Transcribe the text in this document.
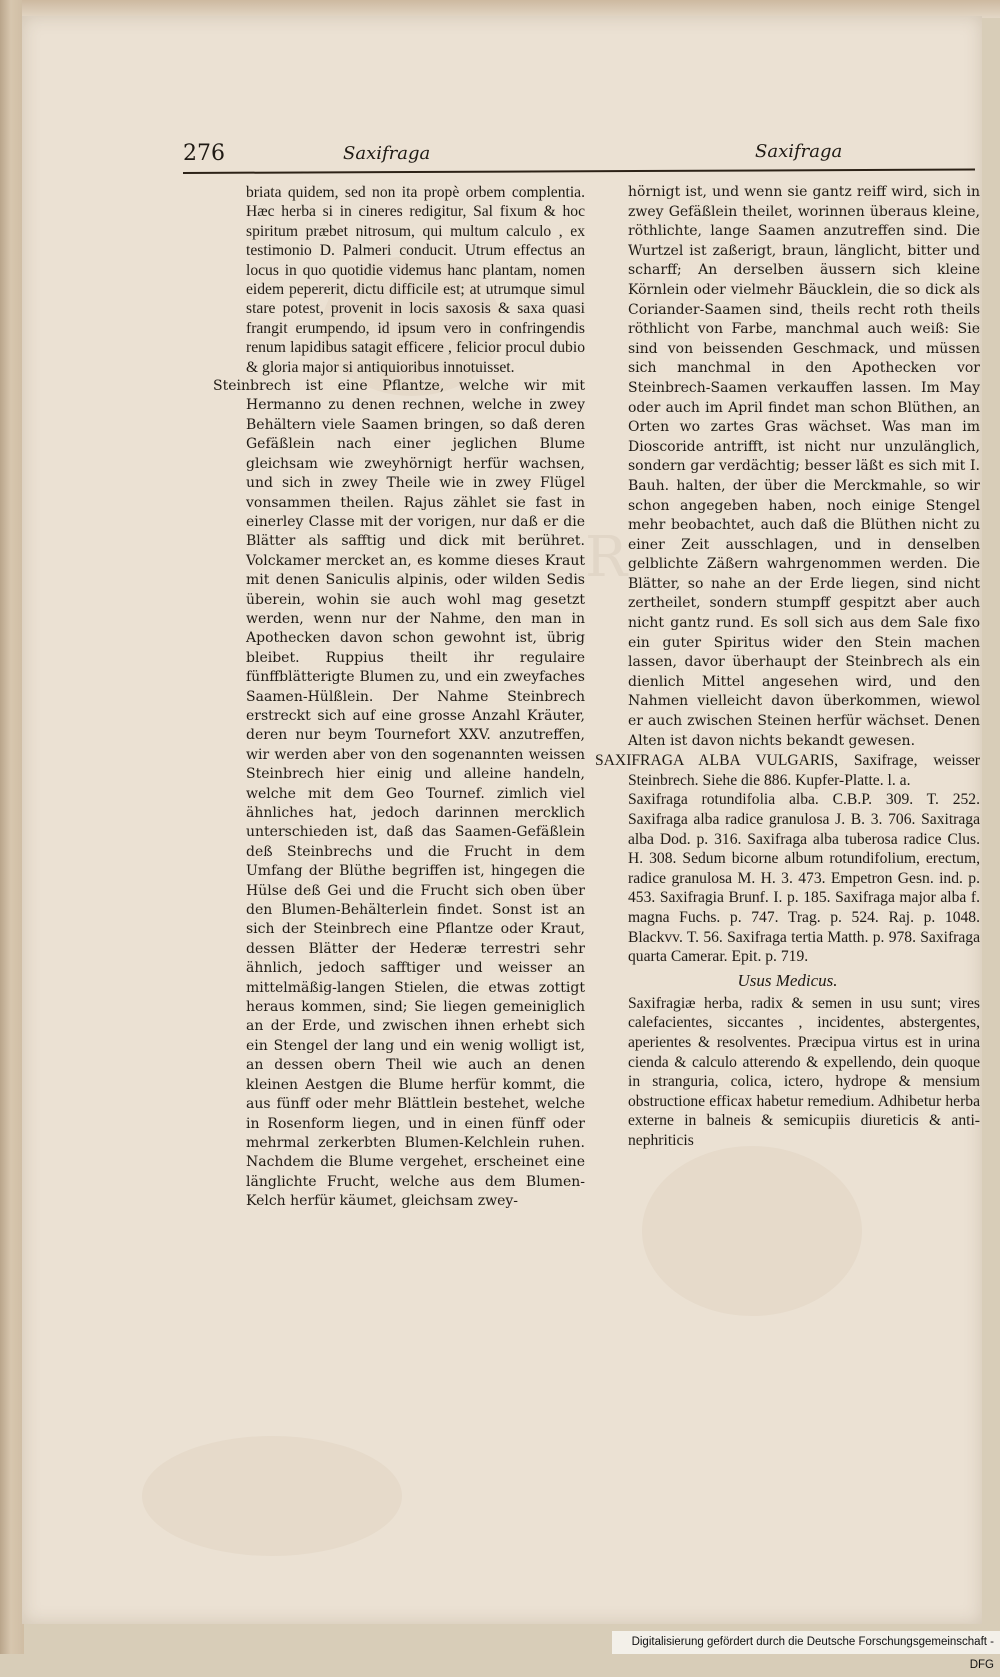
R
276	Saxifraga	Saxifraga

briata quidem, sed non ita propè orbem complentia. Hæc herba si in cineres redigitur, Sal fixum & hoc spiritum præbet nitrosum, qui multum calculo , ex testimonio D. Palmeri conducit. Utrum effectus an locus in quo quotidie videmus hanc plantam, nomen eidem pepererit, dictu difficile est; at utrumque simul stare potest, provenit in locis saxosis & saxa quasi frangit erumpendo, id ipsum vero in confringendis renum lapidibus satagit efficere , felicior procul dubio & gloria major si antiquioribus innotuisset.

Steinbrech ist eine Pflantze, welche wir mit Hermanno zu denen rechnen, welche in zwey Behältern viele Saamen bringen, so daß deren Gefäßlein nach einer jeglichen Blume gleichsam wie zweyhörnigt herfür wachsen, und sich in zwey Theile wie in zwey Flügel vonsammen theilen. Rajus zählet sie fast in einerley Classe mit der vorigen, nur daß er die Blätter als safftig und dick mit berühret. Volckamer mercket an, es komme dieses Kraut mit denen Saniculis alpinis, oder wilden Sedis überein, wohin sie auch wohl mag gesetzt werden, wenn nur der Nahme, den man in Apothecken davon schon gewohnt ist, übrig bleibet. Ruppius theilt ihr regulaire fünffblätterigte Blumen zu, und ein zweyfaches Saamen-Hülßlein. Der Nahme Steinbrech erstreckt sich auf eine grosse Anzahl Kräuter, deren nur beym Tournefort XXV. anzutreffen, wir werden aber von den sogenannten weissen Steinbrech hier einig und alleine handeln, welche mit dem Geo Tournef. zimlich viel ähnliches hat, jedoch darinnen mercklich unterschieden ist, daß das Saamen-Gefäßlein deß Steinbrechs und die Frucht in dem Umfang der Blüthe begriffen ist, hingegen die Hülse deß Gei und die Frucht sich oben über den Blumen-Behälterlein findet. Sonst ist an sich der Steinbrech eine Pflantze oder Kraut, dessen Blätter der Hederæ terrestri sehr ähnlich, jedoch safftiger und weisser an mittelmäßig-langen Stielen, die etwas zottigt heraus kommen, sind; Sie liegen gemeiniglich an der Erde, und zwischen ihnen erhebt sich ein Stengel der lang und ein wenig wolligt ist, an dessen obern Theil wie auch an denen kleinen Aestgen die Blume herfür kommt, die aus fünff oder mehr Blättlein bestehet, welche in Rosenform liegen, und in einen fünff oder mehrmal zerkerbten Blumen-Kelchlein ruhen. Nachdem die Blume vergehet, erscheinet eine länglichte Frucht, welche aus dem Blumen-Kelch herfür käumet, gleichsam zwey-

hörnigt ist, und wenn sie gantz reiff wird, sich in zwey Gefäßlein theilet, worinnen überaus kleine, röthlichte, lange Saamen anzutreffen sind. Die Wurtzel ist zaßerigt, braun, länglicht, bitter und scharff; An derselben äussern sich kleine Körnlein oder vielmehr Bäucklein, die so dick als Coriander-Saamen sind, theils recht roth theils röthlicht von Farbe, manchmal auch weiß: Sie sind von beissenden Geschmack, und müssen sich manchmal in den Apothecken vor Steinbrech-Saamen verkauffen lassen. Im May oder auch im April findet man schon Blüthen, an Orten wo zartes Gras wächset. Was man im Dioscoride antrifft, ist nicht nur unzulänglich, sondern gar verdächtig; besser läßt es sich mit I. Bauh. halten, der über die Merckmahle, so wir schon angegeben haben, noch einige Stengel mehr beobachtet, auch daß die Blüthen nicht zu einer Zeit ausschlagen, und in denselben gelblichte Zäßern wahrgenommen werden. Die Blätter, so nahe an der Erde liegen, sind nicht zertheilet, sondern stumpff gespitzt aber auch nicht gantz rund. Es soll sich aus dem Sale fixo ein guter Spiritus wider den Stein machen lassen, davor überhaupt der Steinbrech als ein dienlich Mittel angesehen wird, und den Nahmen vielleicht davon überkommen, wiewol er auch zwischen Steinen herfür wächset. Denen Alten ist davon nichts bekandt gewesen.

SAXIFRAGA ALBA VULGARIS, Saxifrage, weisser Steinbrech. Siehe die 886. Kupfer-Platte. l. a.

Saxifraga rotundifolia alba. C.B.P. 309. T. 252. Saxifraga alba radice granulosa J. B. 3. 706. Saxitraga alba Dod. p. 316. Saxifraga alba tuberosa radice Clus. H. 308. Sedum bicorne album rotundifolium, erectum, radice granulosa M. H. 3. 473. Empetron Gesn. ind. p. 453. Saxifragia Brunf. I. p. 185. Saxifraga major alba f. magna Fuchs. p. 747. Trag. p. 524. Raj. p. 1048. Blackvv. T. 56. Saxifraga tertia Matth. p. 978. Saxifraga quarta Camerar. Epit. p. 719.

Usus Medicus.

Saxifragiæ herba, radix & semen in usu sunt; vires calefacientes, siccantes , incidentes, abstergentes, aperientes & resolventes. Præcipua virtus est in urina cienda & calculo atterendo & expellendo, dein quoque in stranguria, colica, ictero, hydrope & mensium obstructione efficax habetur remedium. Adhibetur herba externe in balneis & semicupiis diureticis & anti-nephriticis

Digitalisierung gefördert durch die Deutsche Forschungsgemeinschaft - DFG
